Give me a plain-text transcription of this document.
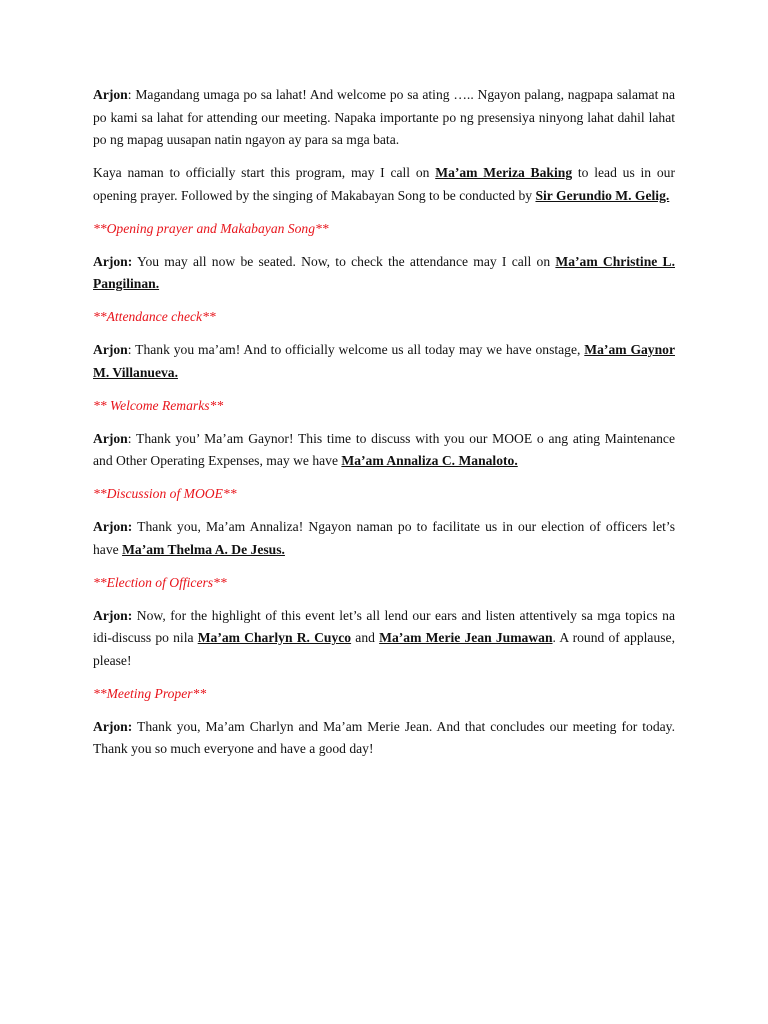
Arjon: Magandang umaga po sa lahat! And welcome po sa ating ….. Ngayon palang, nagpapa salamat na po kami sa lahat for attending our meeting. Napaka importante po ng presensiya ninyong lahat dahil lahat po ng mapag uusapan natin ngayon ay para sa mga bata.

Kaya naman to officially start this program, may I call on Ma’am Meriza Baking to lead us in our opening prayer. Followed by the singing of Makabayan Song to be conducted by Sir Gerundio M. Gelig.

**Opening prayer and Makabayan Song**

Arjon: You may all now be seated. Now, to check the attendance may I call on Ma’am Christine L. Pangilinan.

**Attendance check**

Arjon: Thank you ma’am! And to officially welcome us all today may we have onstage, Ma’am Gaynor M. Villanueva.

** Welcome Remarks**

Arjon: Thank you’ Ma’am Gaynor! This time to discuss with you our MOOE o ang ating Maintenance and Other Operating Expenses, may we have Ma’am Annaliza C. Manaloto.

**Discussion of MOOE**

Arjon: Thank you, Ma’am Annaliza! Ngayon naman po to facilitate us in our election of officers let’s have Ma’am Thelma A. De Jesus.

**Election of Officers**

Arjon: Now, for the highlight of this event let’s all lend our ears and listen attentively sa mga topics na idi-discuss po nila Ma’am Charlyn R. Cuyco and Ma’am Merie Jean Jumawan. A round of applause, please!

**Meeting Proper**

Arjon: Thank you, Ma’am Charlyn and Ma’am Merie Jean. And that concludes our meeting for today. Thank you so much everyone and have a good day!
